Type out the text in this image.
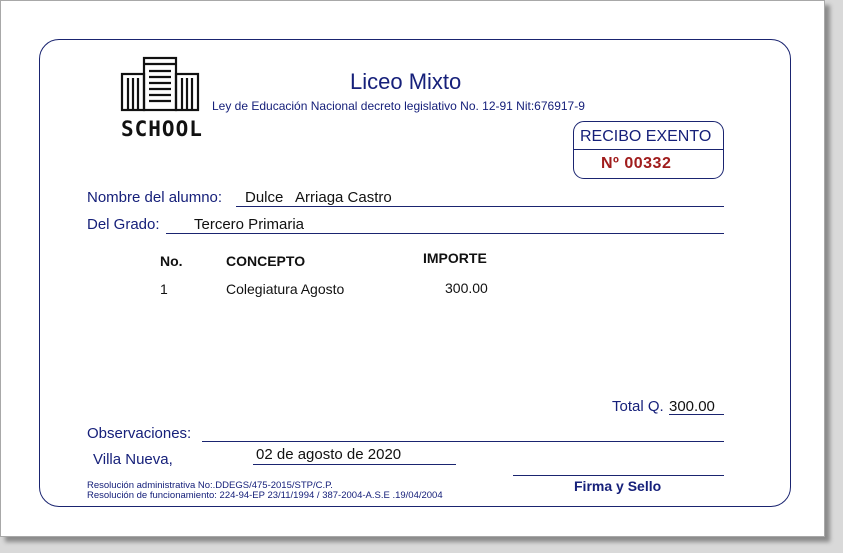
SCHOOL
Liceo Mixto
Ley de Educación Nacional decreto legislativo No. 12-91 Nit:676917-9
RECIBO EXENTO
Nº 00332
Nombre del alumno: Dulce   Arriaga Castro
Del Grado: Tercero Primaria
No.	CONCEPTO	IMPORTE
1	Colegiatura Agosto	300.00
Total Q. 300.00
Observaciones:
Villa Nueva,	02 de agosto de 2020
Firma y Sello
Resolución administrativa No:.DDEGS/475-2015/STP/C.P.
Resolución de funcionamiento: 224-94-EP 23/11/1994 / 387-2004-A.S.E .19/04/2004
